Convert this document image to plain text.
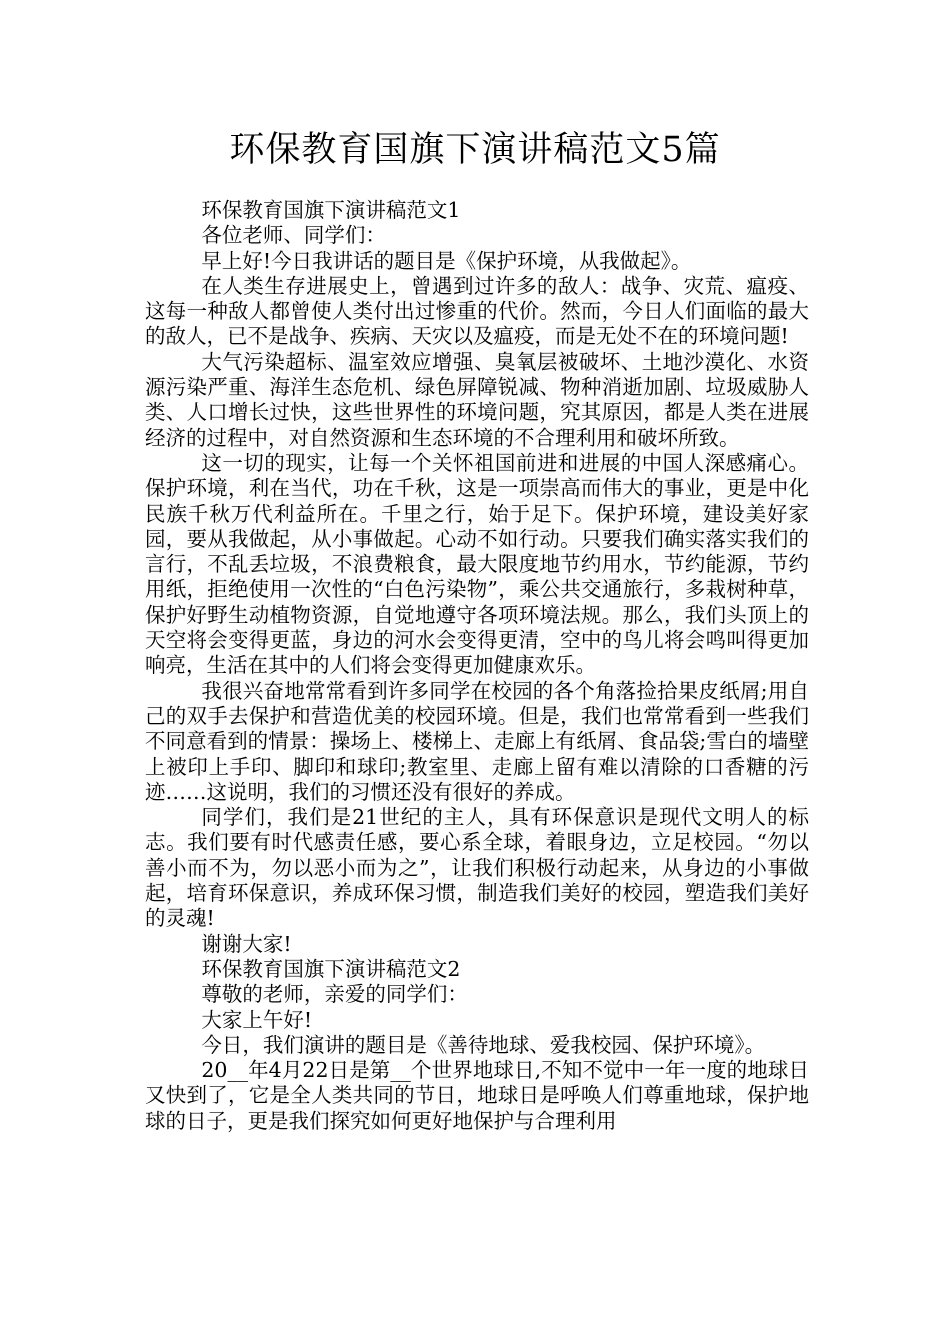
环保教育国旗下演讲稿范文5篇

环保教育国旗下演讲稿范文1

各位老师、同学们：

早上好!今日我讲话的题目是《保护环境，从我做起》。

在人类生存进展史上，曾遇到过许多的敌人：战争、灾荒、瘟疫、这每一种敌人都曾使人类付出过惨重的代价。然而，今日人们面临的最大的敌人，已不是战争、疾病、天灾以及瘟疫，而是无处不在的环境问题!

大气污染超标、温室效应增强、臭氧层被破坏、土地沙漠化、水资源污染严重、海洋生态危机、绿色屏障锐减、物种消逝加剧、垃圾威胁人类、人口增长过快，这些世界性的环境问题，究其原因，都是人类在进展经济的过程中，对自然资源和生态环境的不合理利用和破坏所致。

这一切的现实，让每一个关怀祖国前进和进展的中国人深感痛心。保护环境，利在当代，功在千秋，这是一项崇高而伟大的事业，更是中化民族千秋万代利益所在。千里之行，始于足下。保护环境，建设美好家园，要从我做起，从小事做起。心动不如行动。只要我们确实落实我们的言行，不乱丢垃圾，不浪费粮食，最大限度地节约用水，节约能源，节约用纸，拒绝使用一次性的“白色污染物”，乘公共交通旅行，多栽树种草，保护好野生动植物资源，自觉地遵守各项环境法规。那么，我们头顶上的天空将会变得更蓝，身边的河水会变得更清，空中的鸟儿将会鸣叫得更加响亮，生活在其中的人们将会变得更加健康欢乐。

我很兴奋地常常看到许多同学在校园的各个角落捡拾果皮纸屑;用自己的双手去保护和营造优美的校园环境。但是，我们也常常看到一些我们不同意看到的情景：操场上、楼梯上、走廊上有纸屑、食品袋;雪白的墙壁上被印上手印、脚印和球印;教室里、走廊上留有难以清除的口香糖的污迹……这说明，我们的习惯还没有很好的养成。

同学们，我们是21世纪的主人，具有环保意识是现代文明人的标志。我们要有时代感责任感，要心系全球，着眼身边，立足校园。“勿以善小而不为，勿以恶小而为之”，让我们积极行动起来，从身边的小事做起，培育环保意识，养成环保习惯，制造我们美好的校园，塑造我们美好的灵魂!

谢谢大家!

环保教育国旗下演讲稿范文2

尊敬的老师，亲爱的同学们：

大家上午好!

今日，我们演讲的题目是《善待地球、爱我校园、保护环境》。

20__年4月22日是第__个世界地球日,不知不觉中一年一度的地球日又快到了，它是全人类共同的节日，地球日是呼唤人们尊重地球，保护地球的日子，更是我们探究如何更好地保护与合理利用
